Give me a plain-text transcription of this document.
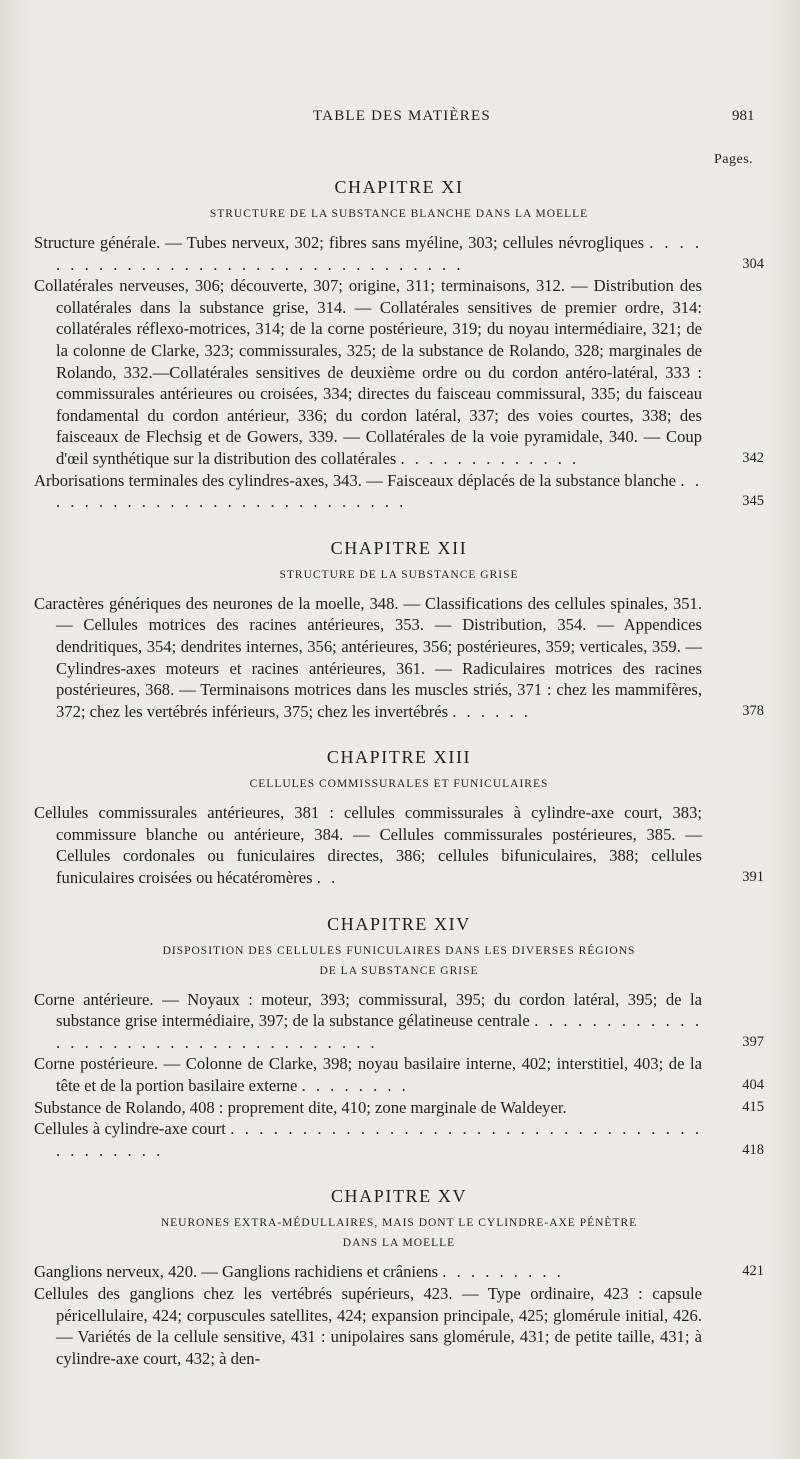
TABLE DES MATIÈRES	981
Pages.
CHAPITRE XI
STRUCTURE DE LA SUBSTANCE BLANCHE DANS LA MOELLE
Structure générale. — Tubes nerveux, 302; fibres sans myéline, 303; cellules névrogliques . . . . . . . . . . . . . . . . . . . . . . . . . . . . . . . . .	304
Collatérales nerveuses, 306; découverte, 307; origine, 311; terminaisons, 312. — Distribution des collatérales dans la substance grise, 314. — Collatérales sensitives de premier ordre, 314: collatérales réflexo-motrices, 314; de la corne postérieure, 319; du noyau intermédiaire, 321; de la colonne de Clarke, 323; commissurales, 325; de la substance de Rolando, 328; marginales de Rolando, 332.—Collatérales sensitives de deuxième ordre ou du cordon antéro-latéral, 333 : commissurales antérieures ou croisées, 334; directes du faisceau commissural, 335; du faisceau fondamental du cordon antérieur, 336; du cordon latéral, 337; des voies courtes, 338; des faisceaux de Flechsig et de Gowers, 339. — Collatérales de la voie pyramidale, 340. — Coup d'œil synthétique sur la distribution des collatérales . . . . . . . . . . . . .	342
Arborisations terminales des cylindres-axes, 343. — Faisceaux déplacés de la substance blanche . . . . . . . . . . . . . . . . . . . . . . . . . . .	345
CHAPITRE XII
STRUCTURE DE LA SUBSTANCE GRISE
Caractères génériques des neurones de la moelle, 348. — Classifications des cellules spinales, 351. — Cellules motrices des racines antérieures, 353. — Distribution, 354. — Appendices dendritiques, 354; dendrites internes, 356; antérieures, 356; postérieures, 359; verticales, 359. — Cylindres-axes moteurs et racines antérieures, 361. — Radiculaires motrices des racines postérieures, 368. — Terminaisons motrices dans les muscles striés, 371 : chez les mammifères, 372; chez les vertébrés inférieurs, 375; chez les invertébrés . . . . . .	378
CHAPITRE XIII
CELLULES COMMISSURALES ET FUNICULAIRES
Cellules commissurales antérieures, 381 : cellules commissurales à cylindre-axe court, 383; commissure blanche ou antérieure, 384. — Cellules commissurales postérieures, 385. — Cellules cordonales ou funiculaires directes, 386; cellules bifuniculaires, 388; cellules funiculaires croisées ou hécatéromères . .	391
CHAPITRE XIV
DISPOSITION DES CELLULES FUNICULAIRES DANS LES DIVERSES RÉGIONS
DE LA SUBSTANCE GRISE
Corne antérieure. — Noyaux : moteur, 393; commissural, 395; du cordon latéral, 395; de la substance grise intermédiaire, 397; de la substance gélatineuse centrale . . . . . . . . . . . . . . . . . . . . . . . . . . . . . . . . . . .	397
Corne postérieure. — Colonne de Clarke, 398; noyau basilaire interne, 402; interstitiel, 403; de la tête et de la portion basilaire externe . . . . . . . .	404
Substance de Rolando, 408 : proprement dite, 410; zone marginale de Waldeyer.	415
Cellules à cylindre-axe court . . . . . . . . . . . . . . . . . . . . . . . . . . . . . . . . . . . . . . . . .	418
CHAPITRE XV
NEURONES EXTRA-MÉDULLAIRES, MAIS DONT LE CYLINDRE-AXE PÉNÈTRE
DANS LA MOELLE
Ganglions nerveux, 420. — Ganglions rachidiens et crâniens . . . . . . . . .	421
Cellules des ganglions chez les vertébrés supérieurs, 423. — Type ordinaire, 423 : capsule péricellulaire, 424; corpuscules satellites, 424; expansion principale, 425; glomérule initial, 426. — Variétés de la cellule sensitive, 431 : unipolaires sans glomérule, 431; de petite taille, 431; à cylindre-axe court, 432; à den-
